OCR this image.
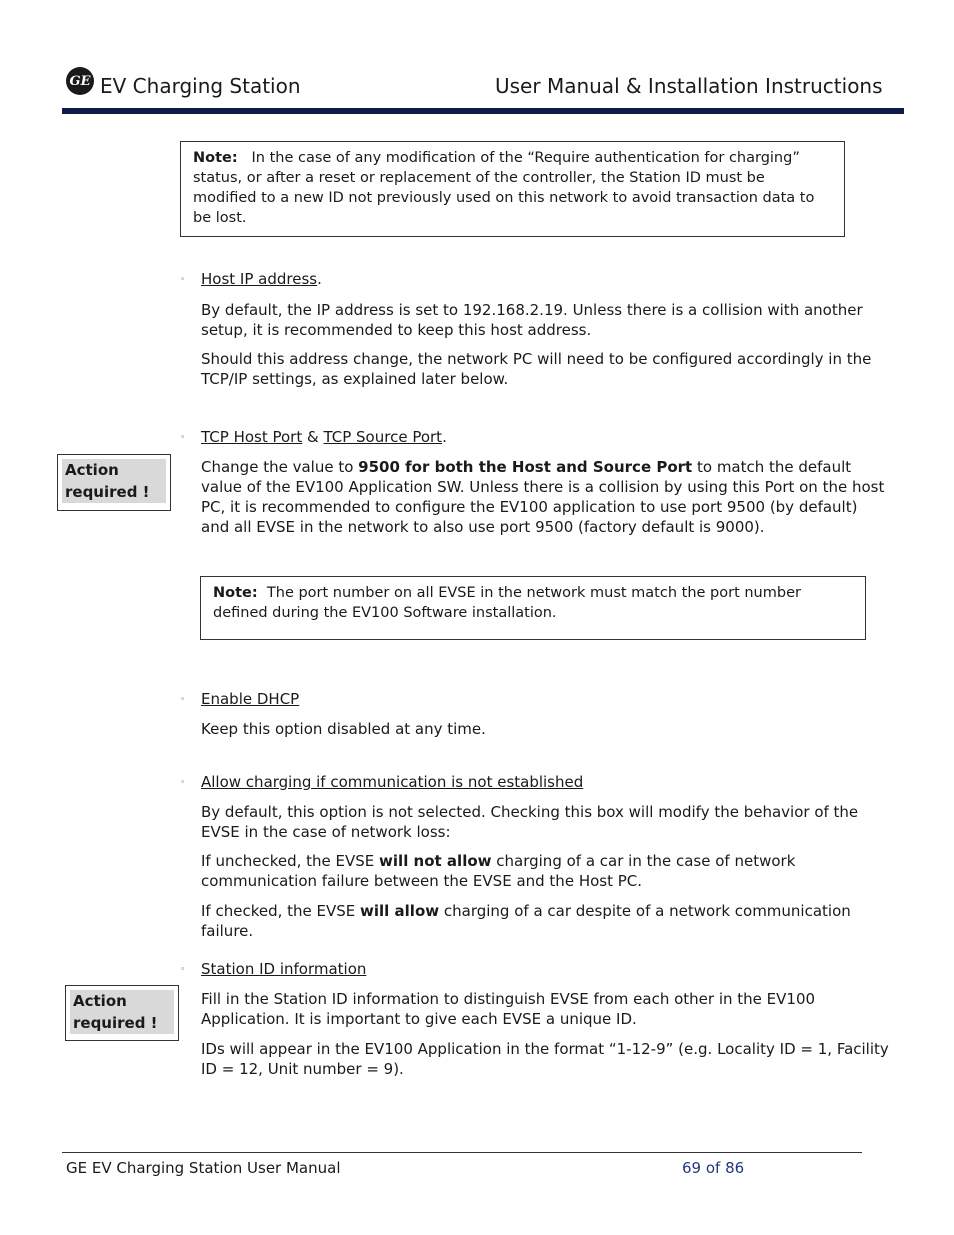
GE EV Charging Station	User Manual & Installation Instructions
Note: In the case of any modification of the “Require authentication for charging” status, or after a reset or replacement of the controller, the Station ID must be modified to a new ID not previously used on this network to avoid transaction data to be lost.
◦ Host IP address.
By default, the IP address is set to 192.168.2.19. Unless there is a collision with another setup, it is recommended to keep this host address.
Should this address change, the network PC will need to be configured accordingly in the TCP/IP settings, as explained later below.
◦ TCP Host Port & TCP Source Port.
Action required !
Change the value to 9500 for both the Host and Source Port to match the default value of the EV100 Application SW. Unless there is a collision by using this Port on the host PC, it is recommended to configure the EV100 application to use port 9500 (by default) and all EVSE in the network to also use port 9500 (factory default is 9000).
Note: The port number on all EVSE in the network must match the port number defined during the EV100 Software installation.
◦ Enable DHCP
Keep this option disabled at any time.
◦ Allow charging if communication is not established
By default, this option is not selected. Checking this box will modify the behavior of the EVSE in the case of network loss:
If unchecked, the EVSE will not allow charging of a car in the case of network communication failure between the EVSE and the Host PC.
If checked, the EVSE will allow charging of a car despite of a network communication failure.
◦ Station ID information
Action required !
Fill in the Station ID information to distinguish EVSE from each other in the EV100 Application. It is important to give each EVSE a unique ID.
IDs will appear in the EV100 Application in the format “1-12-9” (e.g. Locality ID = 1, Facility ID = 12, Unit number = 9).
GE EV Charging Station User Manual	69 of 86
